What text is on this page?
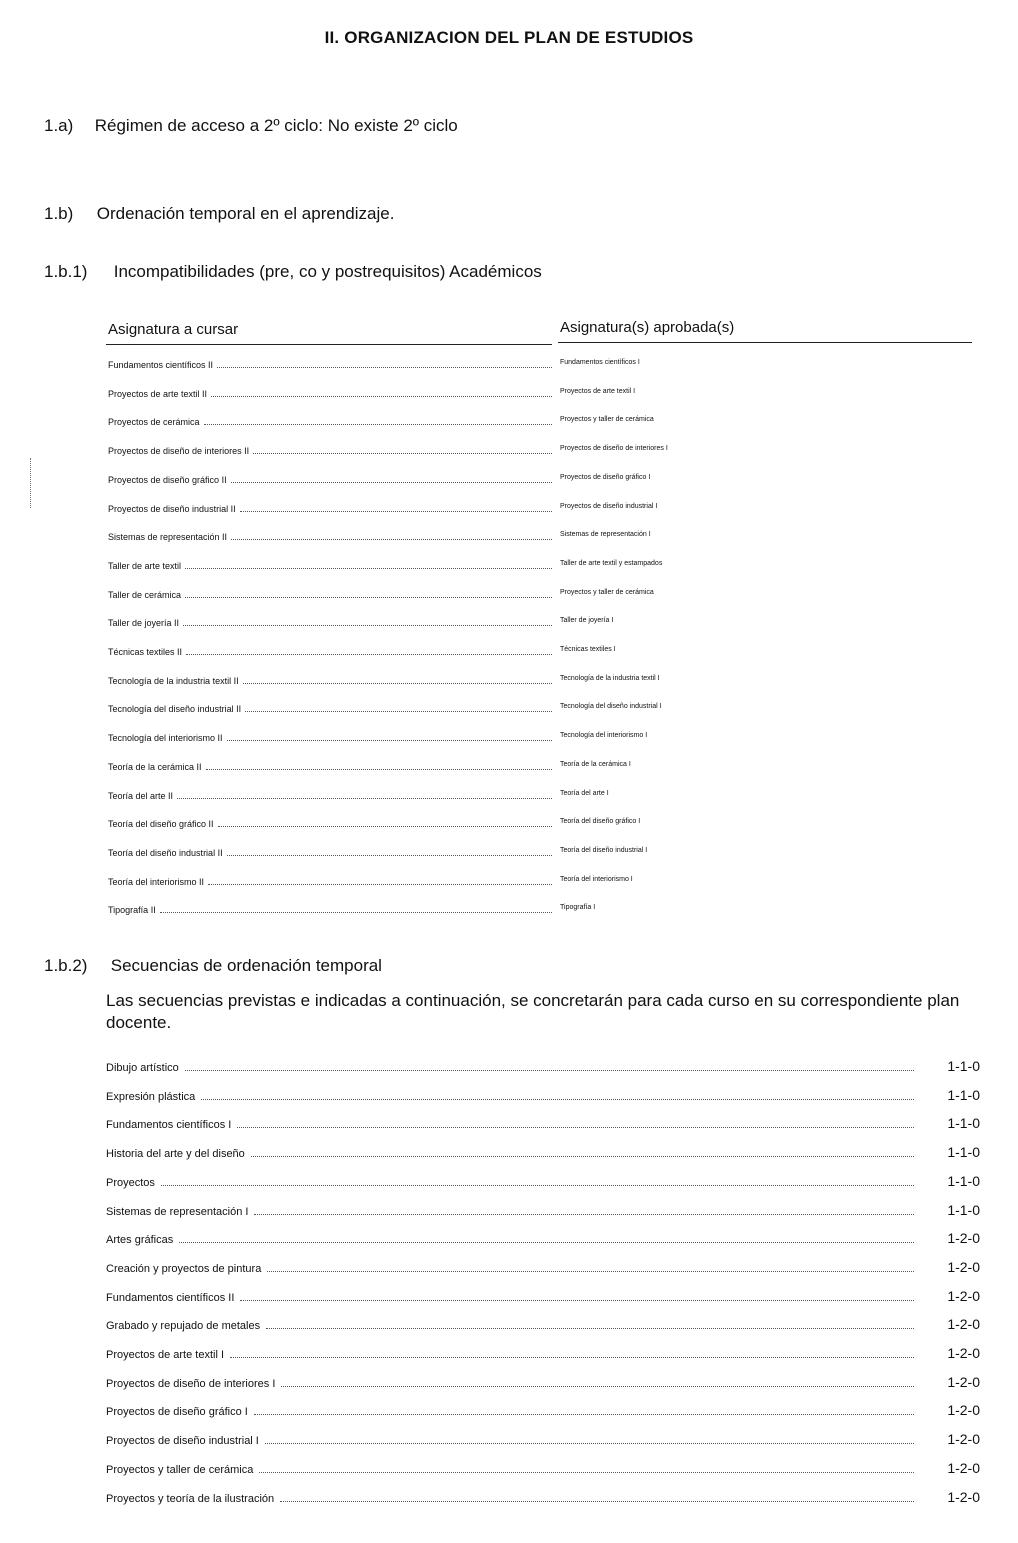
II. ORGANIZACION DEL PLAN DE ESTUDIOS
1.a) Régimen de acceso a 2º ciclo: No existe 2º ciclo
1.b) Ordenación temporal en el aprendizaje.
1.b.1) Incompatibilidades (pre, co y postrequisitos) Académicos
Asignatura a cursar	Asignatura(s) aprobada(s)
Fundamentos científicos II	Fundamentos científicos I
Proyectos de arte textil II	Proyectos de arte textil I
Proyectos de cerámica	Proyectos y taller de cerámica
Proyectos de diseño de interiores II	Proyectos de diseño de interiores I
Proyectos de diseño gráfico II	Proyectos de diseño gráfico I
Proyectos de diseño industrial II	Proyectos de diseño industrial I
Sistemas de representación II	Sistemas de representación I
Taller de arte textil	Taller de arte textil y estampados
Taller de cerámica	Proyectos y taller de cerámica
Taller de joyería II	Taller de joyería I
Técnicas textiles II	Técnicas textiles I
Tecnología de la industria textil II	Tecnología de la industria textil I
Tecnología del diseño industrial II	Tecnología del diseño industrial I
Tecnología del interiorismo II	Tecnología del interiorismo I
Teoría de la cerámica II	Teoría de la cerámica I
Teoría del arte II	Teoría del arte I
Teoría del diseño gráfico II	Teoría del diseño gráfico I
Teoría del diseño industrial II	Teoría del diseño industrial I
Teoría del interiorismo II	Teoría del interiorismo I
Tipografía II	Tipografía I
1.b.2) Secuencias de ordenación temporal
Las secuencias previstas e indicadas a continuación, se concretarán para cada curso en su correspondiente plan docente.
Dibujo artístico	1-1-0
Expresión plástica	1-1-0
Fundamentos científicos I	1-1-0
Historia del arte y del diseño	1-1-0
Proyectos	1-1-0
Sistemas de representación I	1-1-0
Artes gráficas	1-2-0
Creación y proyectos de pintura	1-2-0
Fundamentos científicos II	1-2-0
Grabado y repujado de metales	1-2-0
Proyectos de arte textil I	1-2-0
Proyectos de diseño de interiores I	1-2-0
Proyectos de diseño gráfico I	1-2-0
Proyectos de diseño industrial I	1-2-0
Proyectos y taller de cerámica	1-2-0
Proyectos y teoría de la ilustración	1-2-0
